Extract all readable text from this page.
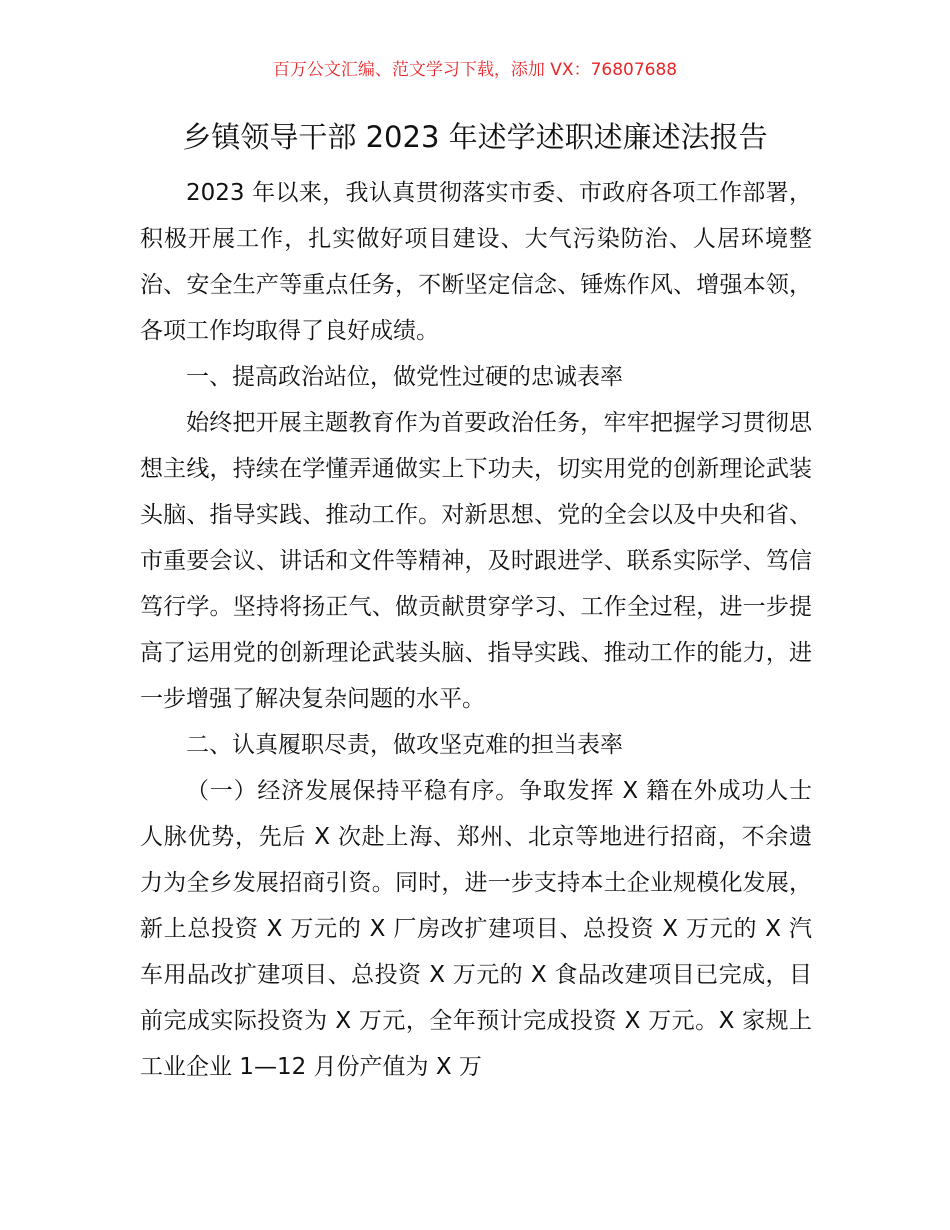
百万公文汇编、范文学习下载，添加 VX：76807688
乡镇领导干部 2023 年述学述职述廉述法报告

2023 年以来，我认真贯彻落实市委、市政府各项工作部署，积极开展工作，扎实做好项目建设、大气污染防治、人居环境整治、安全生产等重点任务，不断坚定信念、锤炼作风、增强本领，各项工作均取得了良好成绩。

一、提高政治站位，做党性过硬的忠诚表率

始终把开展主题教育作为首要政治任务，牢牢把握学习贯彻思想主线，持续在学懂弄通做实上下功夫，切实用党的创新理论武装头脑、指导实践、推动工作。对新思想、党的全会以及中央和省、市重要会议、讲话和文件等精神，及时跟进学、联系实际学、笃信笃行学。坚持将扬正气、做贡献贯穿学习、工作全过程，进一步提高了运用党的创新理论武装头脑、指导实践、推动工作的能力，进一步增强了解决复杂问题的水平。

二、认真履职尽责，做攻坚克难的担当表率

（一）经济发展保持平稳有序。争取发挥 X 籍在外成功人士人脉优势，先后 X 次赴上海、郑州、北京等地进行招商，不余遗力为全乡发展招商引资。同时，进一步支持本土企业规模化发展，新上总投资 X 万元的 X 厂房改扩建项目、总投资 X 万元的 X 汽车用品改扩建项目、总投资 X 万元的 X 食品改建项目已完成，目前完成实际投资为 X 万元，全年预计完成投资 X 万元。X 家规上工业企业 1—12 月份产值为 X 万
